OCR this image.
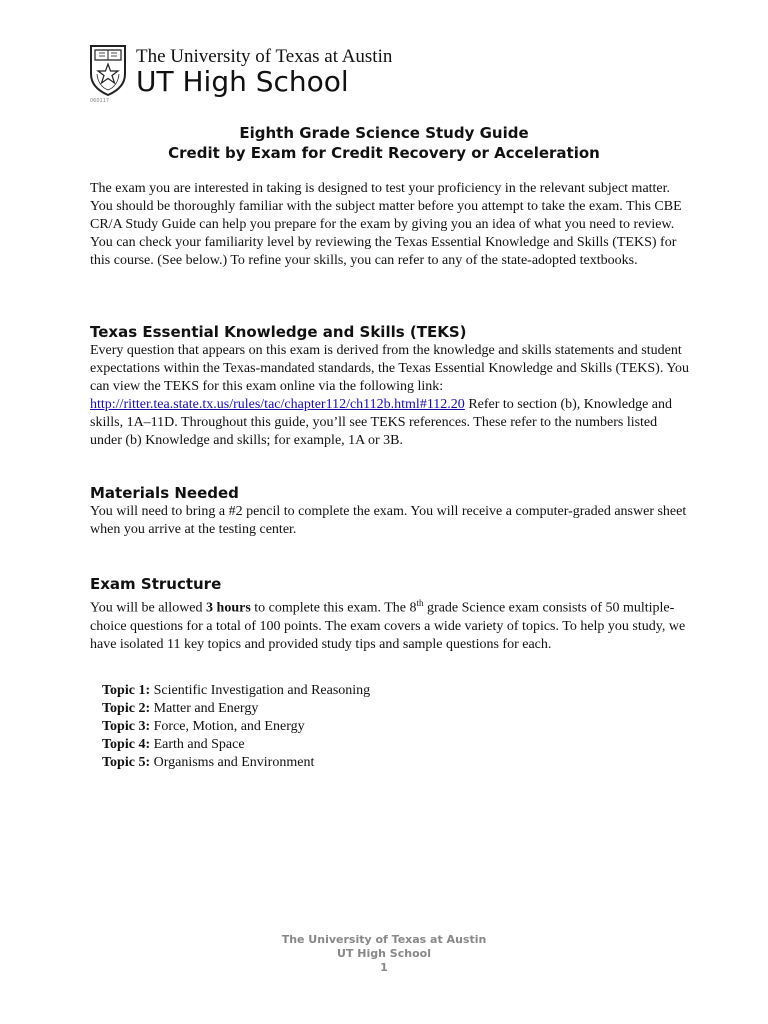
The University of Texas at Austin
UT High School
060117
Eighth Grade Science Study Guide
Credit by Exam for Credit Recovery or Acceleration

The exam you are interested in taking is designed to test your proficiency in the relevant subject matter. You should be thoroughly familiar with the subject matter before you attempt to take the exam. This CBE CR/A Study Guide can help you prepare for the exam by giving you an idea of what you need to review. You can check your familiarity level by reviewing the Texas Essential Knowledge and Skills (TEKS) for this course. (See below.) To refine your skills, you can refer to any of the state-adopted textbooks.

Texas Essential Knowledge and Skills (TEKS)

Every question that appears on this exam is derived from the knowledge and skills statements and student expectations within the Texas-mandated standards, the Texas Essential Knowledge and Skills (TEKS). You can view the TEKS for this exam online via the following link: http://ritter.tea.state.tx.us/rules/tac/chapter112/ch112b.html#112.20 Refer to section (b), Knowledge and skills, 1A–11D. Throughout this guide, you’ll see TEKS references. These refer to the numbers listed under (b) Knowledge and skills; for example, 1A or 3B.

Materials Needed

You will need to bring a #2 pencil to complete the exam. You will receive a computer-graded answer sheet when you arrive at the testing center.

Exam Structure

You will be allowed 3 hours to complete this exam. The 8th grade Science exam consists of 50 multiple-choice questions for a total of 100 points. The exam covers a wide variety of topics. To help you study, we have isolated 11 key topics and provided study tips and sample questions for each.

Topic 1: Scientific Investigation and Reasoning
Topic 2: Matter and Energy
Topic 3: Force, Motion, and Energy
Topic 4: Earth and Space
Topic 5: Organisms and Environment
The University of Texas at Austin
UT High School
1
